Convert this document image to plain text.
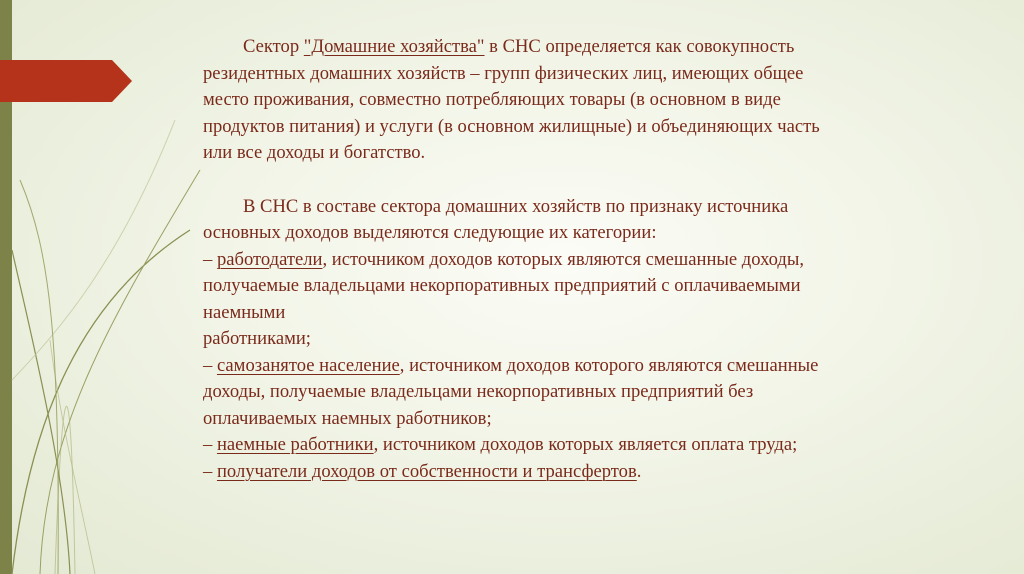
Сектор "Домашние хозяйства" в СНС определяется как совокупность

резидентных домашних хозяйств – групп физических лиц, имеющих общее

место проживания, совместно потребляющих товары (в основном в виде

продуктов питания) и услуги (в основном жилищные) и объединяющих часть

или все доходы и богатство.

В СНС в составе сектора домашних хозяйств по признаку источника

основных доходов выделяются следующие их категории:

– работодатели, источником доходов которых являются смешанные доходы,

получаемые владельцами некорпоративных предприятий с оплачиваемыми

наемными

работниками;

– самозанятое население, источником доходов которого являются смешанные

доходы, получаемые владельцами некорпоративных предприятий без

оплачиваемых наемных работников;

– наемные работники, источником доходов которых является оплата труда;

– получатели доходов от собственности и трансфертов.
